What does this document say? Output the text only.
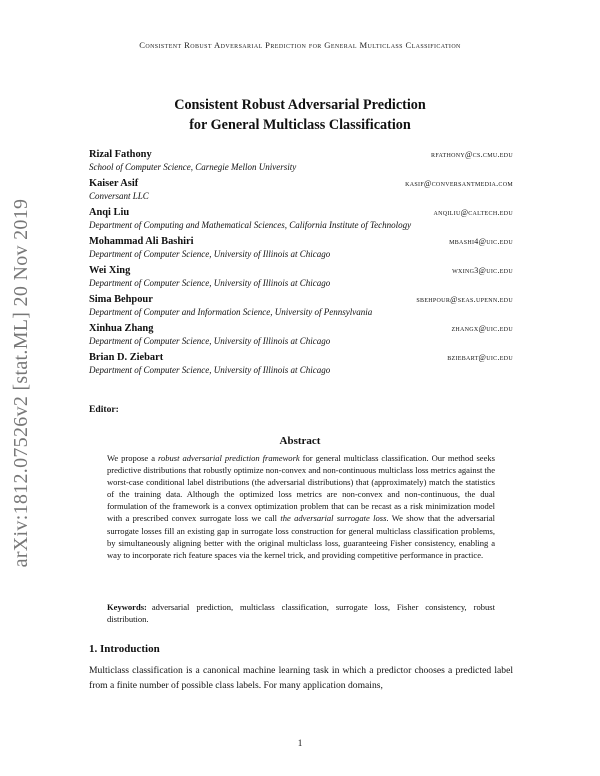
Consistent Robust Adversarial Prediction for General Multiclass Classification
arXiv:1812.07526v2 [stat.ML] 20 Nov 2019
Consistent Robust Adversarial Prediction
for General Multiclass Classification
Rizal Fathony	rfathony@cs.cmu.edu
School of Computer Science, Carnegie Mellon University
Kaiser Asif	kasif@conversantmedia.com
Conversant LLC
Anqi Liu	anqiliu@caltech.edu
Department of Computing and Mathematical Sciences, California Institute of Technology
Mohammad Ali Bashiri	mbashi4@uic.edu
Department of Computer Science, University of Illinois at Chicago
Wei Xing	wxing3@uic.edu
Department of Computer Science, University of Illinois at Chicago
Sima Behpour	sbehpour@seas.upenn.edu
Department of Computer and Information Science, University of Pennsylvania
Xinhua Zhang	zhangx@uic.edu
Department of Computer Science, University of Illinois at Chicago
Brian D. Ziebart	bziebart@uic.edu
Department of Computer Science, University of Illinois at Chicago
Editor:
Abstract
We propose a robust adversarial prediction framework for general multiclass classification. Our method seeks predictive distributions that robustly optimize non-convex and non-continuous multiclass loss metrics against the worst-case conditional label distributions (the adversarial distributions) that (approximately) match the statistics of the training data. Although the optimized loss metrics are non-convex and non-continuous, the dual formulation of the framework is a convex optimization problem that can be recast as a risk minimization model with a prescribed convex surrogate loss we call the adversarial surrogate loss. We show that the adversarial surrogate losses fill an existing gap in surrogate loss construction for general multiclass classification problems, by simultaneously aligning better with the original multiclass loss, guaranteeing Fisher consistency, enabling a way to incorporate rich feature spaces via the kernel trick, and providing competitive performance in practice.
Keywords: adversarial prediction, multiclass classification, surrogate loss, Fisher consistency, robust distribution.
1. Introduction
Multiclass classification is a canonical machine learning task in which a predictor chooses a predicted label from a finite number of possible class labels. For many application domains,
1
